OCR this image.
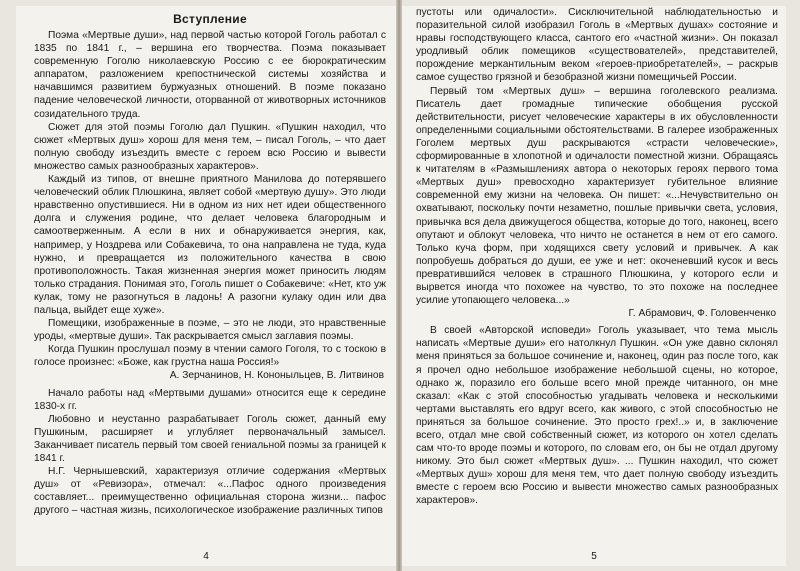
Вступление

Поэма «Мертвые души», над первой частью которой Гоголь работал с 1835 по 1841 г., – вершина его творчества. Поэма показывает современную Гоголю николаевскую Россию с ее бюрократическим аппаратом, разложением крепостнической системы хозяйства и начавшимся развитием буржуазных отношений. В поэме показано падение человеческой личности, оторванной от животворных источников созидательного труда.

Сюжет для этой поэмы Гоголю дал Пушкин. «Пушкин находил, что сюжет «Мертвых душ» хорош для меня тем, – писал Гоголь, – что дает полную свободу изъездить вместе с героем всю Россию и вывести множество самых разнообразных характеров».

Каждый из типов, от внешне приятного Манилова до потерявшего человеческий облик Плюшкина, являет собой «мертвую душу». Это люди нравственно опустившиеся. Ни в одном из них нет идеи общественного долга и служения родине, что делает человека благородным и самоотверженным. А если в них и обнаруживается энергия, как, например, у Ноздрева или Собакевича, то она направлена не туда, куда нужно, и превращается из положительного качества в свою противоположность. Такая жизненная энергия может приносить людям только страдания. Понимая это, Гоголь пишет о Собакевиче: «Нет, кто уж кулак, тому не разогнуться в ладонь! А разогни кулаку один или два пальца, выйдет еще хуже».

Помещики, изображенные в поэме, – это не люди, это нравственные уроды, «мертвые души». Так раскрывается смысл заглавия поэмы.

Когда Пушкин прослушал поэму в чтении самого Гоголя, то с тоскою в голосе произнес: «Боже, как грустна наша Россия!»

А. Зерчанинов, Н. Кононыльцев, В. Литвинов

Начало работы над «Мертвыми душами» относится еще к середине 1830-х гг.

Любовно и неустанно разрабатывает Гоголь сюжет, данный ему Пушкиным, расширяет и углубляет первоначальный замысел. Заканчивает писатель первый том своей гениальной поэмы за границей к 1841 г.

Н.Г. Чернышевский, характеризуя отличие содержания «Мертвых душ» от «Ревизора», отмечал: «...Пафос одного произведения составляет... преимущественно официальная сторона жизни... пафос другого – частная жизнь, психологическое изображение различных типов

4

пустоты или одичалости». Сисключительной наблюдательностью и поразительной силой изобразил Гоголь в «Мертвых душах» состояние и нравы господствующего класса, сантого его «частной жизни». Он показал уродливый облик помещиков «существователей», представителей, порождение меркантильным веком «героев-приобретателей», – раскрыв самое существо грязной и безобразной жизни помещичьей России.

Первый том «Мертвых душ» – вершина гоголевского реализма. Писатель дает громадные типические обобщения русской действительности, рисует человеческие характеры в их обусловленности определенными социальными обстоятельствами. В галерее изображенных Гоголем мертвых душ раскрываются «страсти человеческие», сформированные в хлопотной и одичалости поместной жизни. Обращаясь к читателям в «Размышлениях автора о некоторых героях первого тома «Мертвых душ» превосходно характеризует губительное влияние современной ему жизни на человека. Он пишет: «...Нечувствительно он охватывают, поскольку почти незаметно, пошлые привычки света, условия, привычка вся дела движущегося общества, которые до того, наконец, всего опутают и облокут человека, что ничто не останется в нем от его самого. Только куча форм, при ходящихся свету условий и привычек. А как попробуешь добраться до души, ее уже и нет: окоченевший кусок и весь превратившийся человек в страшного Плюшкина, у которого если и вырвется иногда что похожее на чувство, то это похоже на последнее усилие утопающего человека...»

Г. Абрамович, Ф. Головенченко

В своей «Авторской исповеди» Гоголь указывает, что тема мысль написать «Мертвые души» его натолкнул Пушкин. «Он уже давно склонял меня приняться за большое сочинение и, наконец, один раз после того, как я прочел одно небольшое изображение небольшой сцены, но которое, однако ж, поразило его больше всего мной прежде читанного, он мне сказал: «Как с этой способностью угадывать человека и несколькими чертами выставлять его вдруг всего, как живого, с этой способностью не приняться за большое сочинение. Это просто грех!..» и, в заключение всего, отдал мне свой собственный сюжет, из которого он хотел сделать сам что-то вроде поэмы и которого, по словам его, он бы не отдал другому никому. Это был сюжет «Мертвых душ». ... Пушкин находил, что сюжет «Мертвых душ» хорош для меня тем, что дает полную свободу изъездить вместе с героем всю Россию и вывести множество самых разнообразных характеров».

5
